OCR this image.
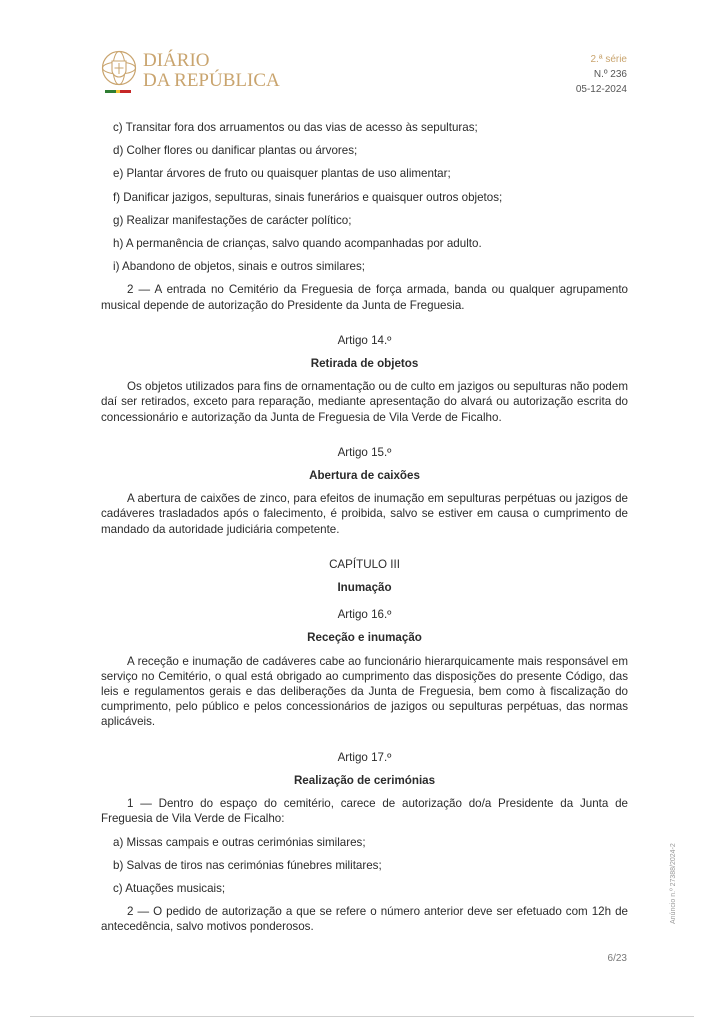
DIÁRIO
DA REPÚBLICA
2.ª série
N.º 236
05-12-2024

c) Transitar fora dos arruamentos ou das vias de acesso às sepulturas;

d) Colher flores ou danificar plantas ou árvores;

e) Plantar árvores de fruto ou quaisquer plantas de uso alimentar;

f) Danificar jazigos, sepulturas, sinais funerários e quaisquer outros objetos;

g) Realizar manifestações de carácter político;

h) A permanência de crianças, salvo quando acompanhadas por adulto.

i) Abandono de objetos, sinais e outros similares;

2 — A entrada no Cemitério da Freguesia de força armada, banda ou qualquer agrupamento musical depende de autorização do Presidente da Junta de Freguesia.

Artigo 14.º

Retirada de objetos

Os objetos utilizados para fins de ornamentação ou de culto em jazigos ou sepulturas não podem daí ser retirados, exceto para reparação, mediante apresentação do alvará ou autorização escrita do concessionário e autorização da Junta de Freguesia de Vila Verde de Ficalho.

Artigo 15.º

Abertura de caixões

A abertura de caixões de zinco, para efeitos de inumação em sepulturas perpétuas ou jazigos de cadáveres trasladados após o falecimento, é proibida, salvo se estiver em causa o cumprimento de mandado da autoridade judiciária competente.

CAPÍTULO III

Inumação

Artigo 16.º

Receção e inumação

A receção e inumação de cadáveres cabe ao funcionário hierarquicamente mais responsável em serviço no Cemitério, o qual está obrigado ao cumprimento das disposições do presente Código, das leis e regulamentos gerais e das deliberações da Junta de Freguesia, bem como à fiscalização do cumprimento, pelo público e pelos concessionários de jazigos ou sepulturas perpétuas, das normas aplicáveis.

Artigo 17.º

Realização de cerimónias

1 — Dentro do espaço do cemitério, carece de autorização do/a Presidente da Junta de Freguesia de Vila Verde de Ficalho:

a) Missas campais e outras cerimónias similares;

b) Salvas de tiros nas cerimónias fúnebres militares;

c) Atuações musicais;

2 — O pedido de autorização a que se refere o número anterior deve ser efetuado com 12h de antecedência, salvo motivos ponderosos.

Anúncio n.º 27388/2024-2
6/23
